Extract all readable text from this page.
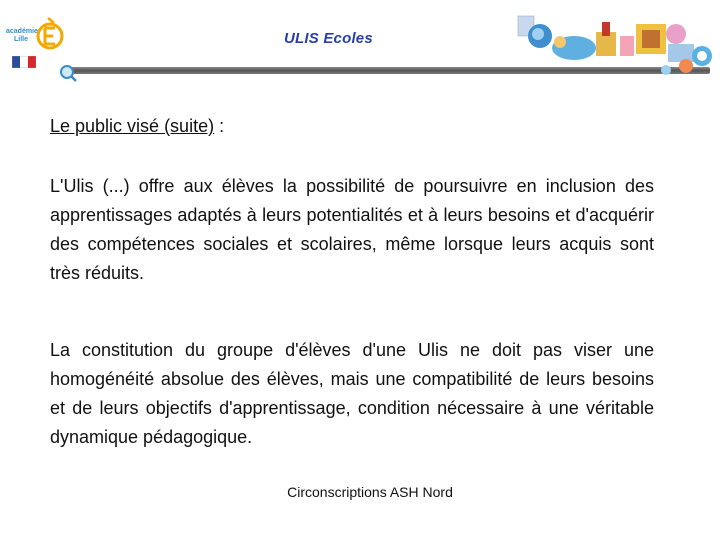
académie
Lille	ULIS Ecoles
Le public visé (suite) :

L'Ulis (...) offre aux élèves la possibilité de poursuivre en inclusion des apprentissages adaptés à leurs potentialités et à leurs besoins et d'acquérir des compétences sociales et scolaires, même lorsque leurs acquis sont très réduits.

La constitution du groupe d'élèves d'une Ulis ne doit pas viser une homogénéité absolue des élèves, mais une compatibilité de leurs besoins et de leurs objectifs d'apprentissage, condition nécessaire à une véritable dynamique pédagogique.

Circonscriptions ASH Nord
